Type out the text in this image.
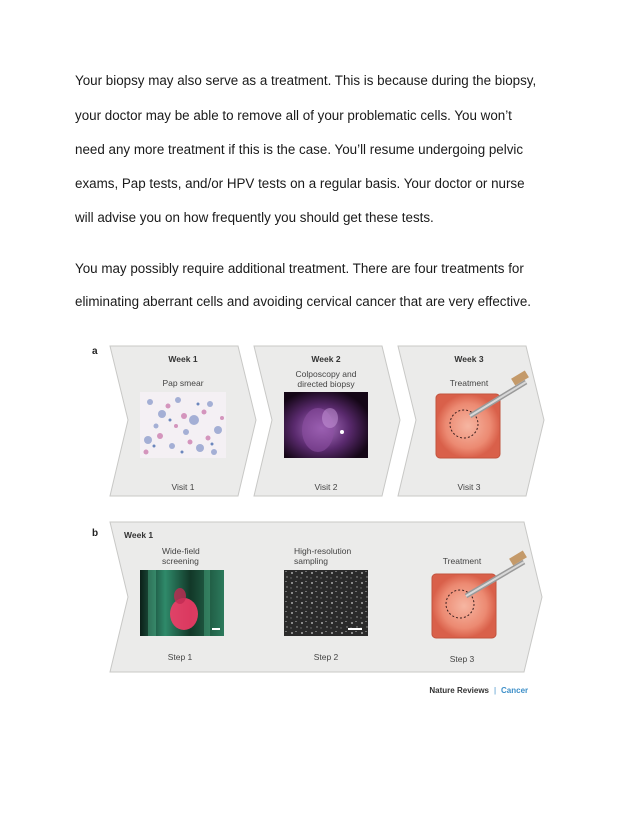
Your biopsy may also serve as a treatment. This is because during the biopsy,
your doctor may be able to remove all of your problematic cells. You won’t
need any more treatment if this is the case. You’ll resume undergoing pelvic
exams, Pap tests, and/or HPV tests on a regular basis. Your doctor or nurse
will advise you on how frequently you should get these tests.
You may possibly require additional treatment. There are four treatments for
eliminating aberrant cells and avoiding cervical cancer that are very effective.
a
Week 1	Week 2	Week 3
Pap smear
Colposcopy and
directed biopsy	Treatment
Visit 1	Visit 2	Visit 3
b	Week 1
Wide-field
screening
High-resolution
sampling	Treatment
Step 1	Step 2	Step 3
Nature Reviews | Cancer
